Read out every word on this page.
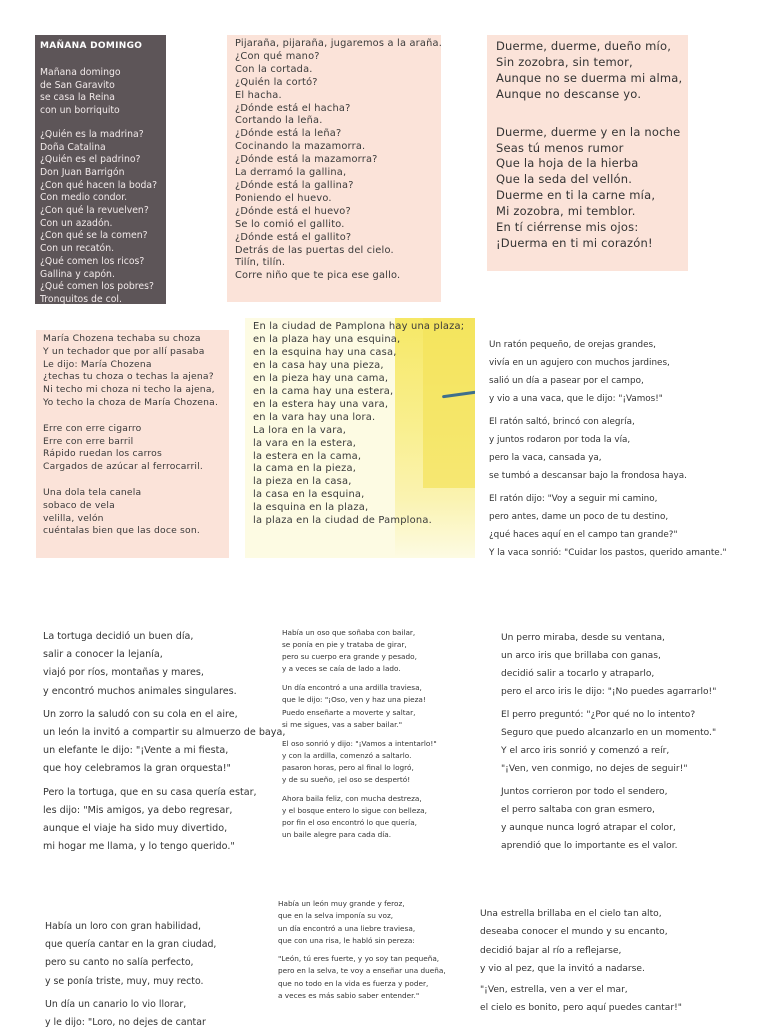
MAÑANA DOMINGO
Mañana domingo
de San Garavito
se casa la Reina
con un borriquito
¿Quién es la madrina?
Doña Catalina
¿Quién es el padrino?
Don Juan Barrigón
¿Con qué hacen la boda?
Con medio condor.
¿Con qué la revuelven?
Con un azadón.
¿Con qué se la comen?
Con un recatón.
¿Qué comen los ricos?
Gallina y capón.
¿Qué comen los pobres?
Tronquitos de col.
Pijaraña, pijaraña, jugaremos a la araña.
¿Con qué mano?
Con la cortada.
¿Quién la cortó?
El hacha.
¿Dónde está el hacha?
Cortando la leña.
¿Dónde está la leña?
Cocinando la mazamorra.
¿Dónde está la mazamorra?
La derramó la gallina,
¿Dónde está la gallina?
Poniendo el huevo.
¿Dónde está el huevo?
Se lo comió el gallito.
¿Dónde está el gallito?
Detrás de las puertas del cielo.
Tilín, tilín.
Corre niño que te pica ese gallo.
Duerme, duerme, dueño mío,
Sin zozobra, sin temor,
Aunque no se duerma mi alma,
Aunque no descanse yo.
Duerme, duerme y en la noche
Seas tú menos rumor
Que la hoja de la hierba
Que la seda del vellón.
Duerme en ti la carne mía,
Mi zozobra, mi temblor.
En tí ciérrense mis ojos:
¡Duerma en ti mi corazón!
María Chozena techaba su choza
Y un techador que por allí pasaba
Le dijo: María Chozena
¿techas tu choza o techas la ajena?
Ni techo mi choza ni techo la ajena,
Yo techo la choza de María Chozena.
Erre con erre cigarro
Erre con erre barril
Rápido ruedan los carros
Cargados de azúcar al ferrocarril.
Una dola tela canela
sobaco de vela
velilla, velón
cuéntalas bien que las doce son.
En la ciudad de Pamplona hay una plaza;
en la plaza hay una esquina,
en la esquina hay una casa,
en la casa hay una pieza,
en la pieza hay una cama,
en la cama hay una estera,
en la estera hay una vara,
en la vara hay una lora.
La lora en la vara,
la vara en la estera,
la estera en la cama,
la cama en la pieza,
la pieza en la casa,
la casa en la esquina,
la esquina en la plaza,
la plaza en la ciudad de Pamplona.
Un ratón pequeño, de orejas grandes,
vivía en un agujero con muchos jardines,
salió un día a pasear por el campo,
y vio a una vaca, que le dijo: "¡Vamos!"
El ratón saltó, brincó con alegría,
y juntos rodaron por toda la vía,
pero la vaca, cansada ya,
se tumbó a descansar bajo la frondosa haya.
El ratón dijo: "Voy a seguir mi camino,
pero antes, dame un poco de tu destino,
¿qué haces aquí en el campo tan grande?"
Y la vaca sonrió: "Cuidar los pastos, querido amante."
La tortuga decidió un buen día,
salir a conocer la lejanía,
viajó por ríos, montañas y mares,
y encontró muchos animales singulares.
Un zorro la saludó con su cola en el aire,
un león la invitó a compartir su almuerzo de baya,
un elefante le dijo: "¡Vente a mi fiesta,
que hoy celebramos la gran orquesta!"
Pero la tortuga, que en su casa quería estar,
les dijo: "Mis amigos, ya debo regresar,
aunque el viaje ha sido muy divertido,
mi hogar me llama, y lo tengo querido."
Había un oso que soñaba con bailar,
se ponía en pie y trataba de girar,
pero su cuerpo era grande y pesado,
y a veces se caía de lado a lado.
Un día encontró a una ardilla traviesa,
que le dijo: "¡Oso, ven y haz una pieza!
Puedo enseñarte a moverte y saltar,
si me sigues, vas a saber bailar."
El oso sonrió y dijo: "¡Vamos a intentarlo!"
y con la ardilla, comenzó a saltarlo.
pasaron horas, pero al final lo logró,
y de su sueño, ¡el oso se despertó!
Ahora baila feliz, con mucha destreza,
y el bosque entero lo sigue con belleza,
por fin el oso encontró lo que quería,
un baile alegre para cada día.
Un perro miraba, desde su ventana,
un arco iris que brillaba con ganas,
decidió salir a tocarlo y atraparlo,
pero el arco iris le dijo: "¡No puedes agarrarlo!"
El perro preguntó: "¿Por qué no lo intento?
Seguro que puedo alcanzarlo en un momento."
Y el arco iris sonrió y comenzó a reír,
"¡Ven, ven conmigo, no dejes de seguir!"
Juntos corrieron por todo el sendero,
el perro saltaba con gran esmero,
y aunque nunca logró atrapar el color,
aprendió que lo importante es el valor.
Había un loro con gran habilidad,
que quería cantar en la gran ciudad,
pero su canto no salía perfecto,
y se ponía triste, muy, muy recto.
Un día un canario lo vio llorar,
y le dijo: "Loro, no dejes de cantar
Había un león muy grande y feroz,
que en la selva imponía su voz,
un día encontró a una liebre traviesa,
que con una risa, le habló sin pereza:
"León, tú eres fuerte, y yo soy tan pequeña,
pero en la selva, te voy a enseñar una dueña,
que no todo en la vida es fuerza y poder,
a veces es más sabio saber entender."
Una estrella brillaba en el cielo tan alto,
deseaba conocer el mundo y su encanto,
decidió bajar al río a reflejarse,
y vio al pez, que la invitó a nadarse.
"¡Ven, estrella, ven a ver el mar,
el cielo es bonito, pero aquí puedes cantar!"
